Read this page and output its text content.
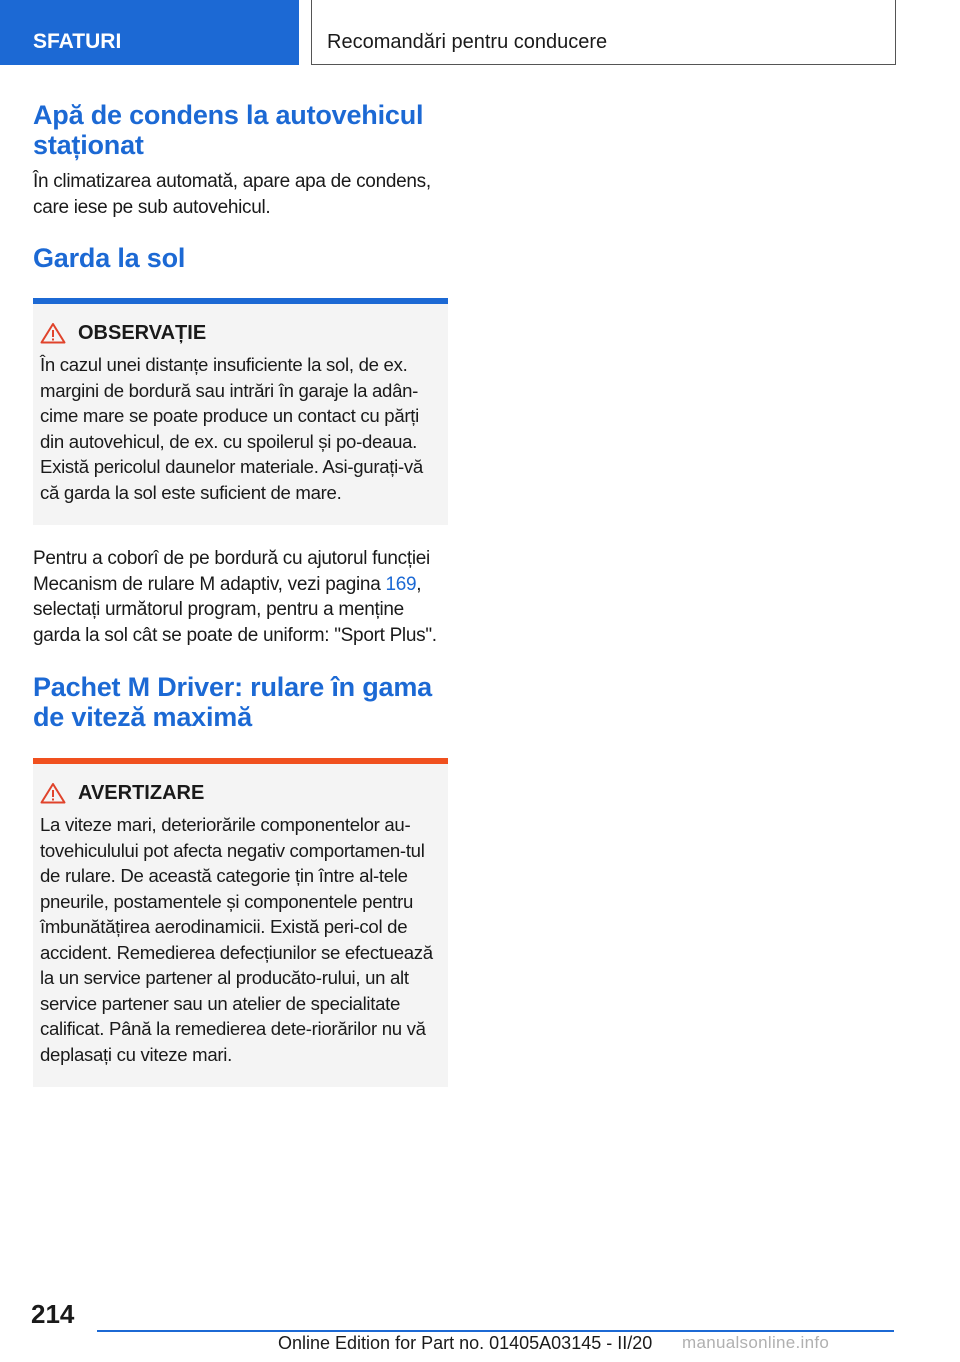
SFATURI	Recomandări pentru conducere
Apă de condens la autovehicul staționat

În climatizarea automată, apare apa de condens, care iese pe sub autovehicul.

Garda la sol
OBSERVAȚIE

În cazul unei distanțe insuficiente la sol, de ex. margini de bordură sau intrări în garaje la adân-cime mare se poate produce un contact cu părți din autovehicul, de ex. cu spoilerul și po-deaua. Există pericolul daunelor materiale. Asi-gurați-vă că garda la sol este suficient de mare.

Pentru a coborî de pe bordură cu ajutorul funcției Mecanism de rulare M adaptiv, vezi pagina 169, selectați următorul program, pentru a menține garda la sol cât se poate de uniform: "Sport Plus".

Pachet M Driver: rulare în gama de viteză maximă
AVERTIZARE

La viteze mari, deteriorările componentelor au-tovehiculului pot afecta negativ comportamen-tul de rulare. De această categorie țin între al-tele pneurile, postamentele și componentele pentru îmbunătățirea aerodinamicii. Există peri-col de accident. Remedierea defecțiunilor se efectuează la un service partener al producăto-rului, un alt service partener sau un atelier de specialitate calificat. Până la remedierea dete-riorărilor nu vă deplasați cu viteze mari.

214
Online Edition for Part no. 01405A03145 - II/20 manualsonline.info
